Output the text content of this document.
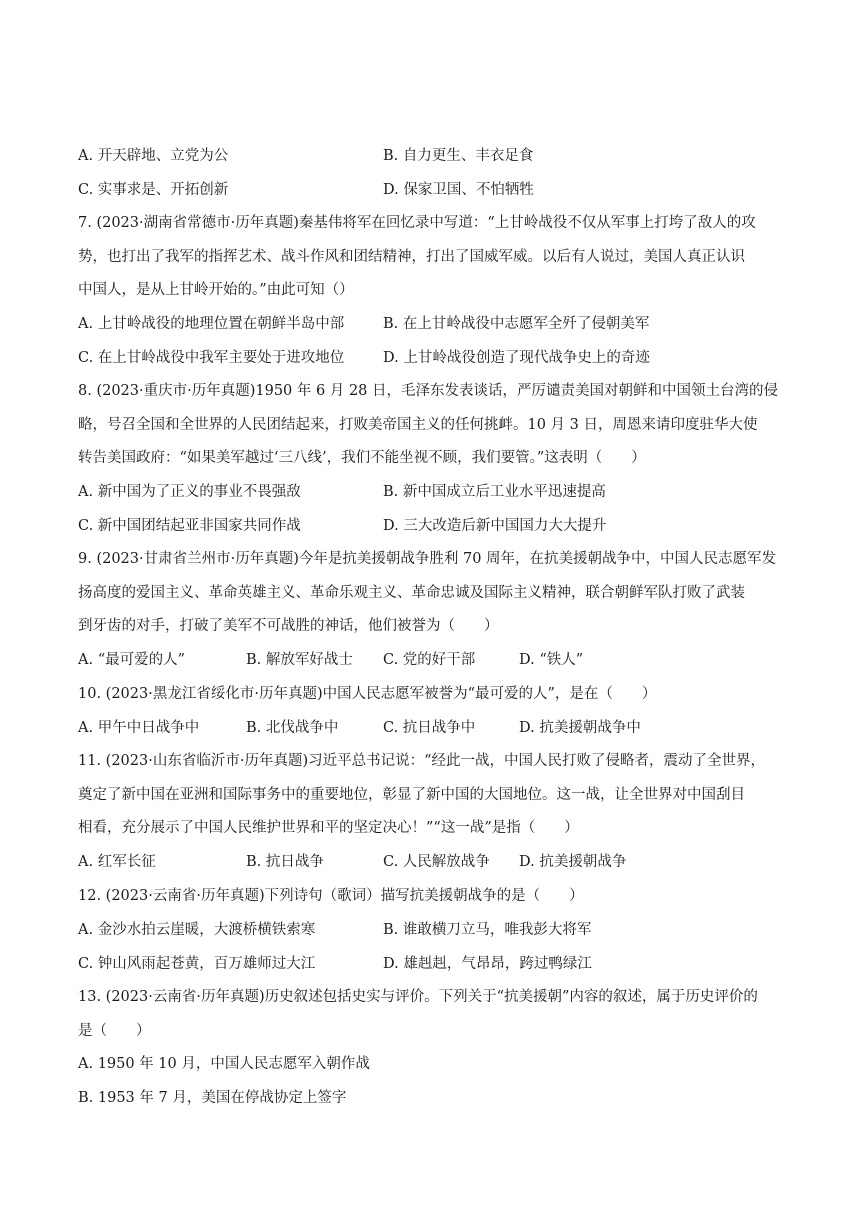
A. 开天辟地、立党为公	B. 自力更生、丰衣足食
C. 实事求是、开拓创新	D. 保家卫国、不怕牺牲
7. (2023·湖南省常德市·历年真题)秦基伟将军在回忆录中写道：“上甘岭战役不仅从军事上打垮了敌人的攻
势，也打出了我军的指挥艺术、战斗作风和团结精神，打出了国威军威。以后有人说过，美国人真正认识
中国人，是从上甘岭开始的。”由此可知（）
A. 上甘岭战役的地理位置在朝鲜半岛中部	B. 在上甘岭战役中志愿军全歼了侵朝美军
C. 在上甘岭战役中我军主要处于进攻地位	D. 上甘岭战役创造了现代战争史上的奇迹
8. (2023·重庆市·历年真题)1950 年 6 月 28 日，毛泽东发表谈话，严厉谴责美国对朝鲜和中国领土台湾的侵
略，号召全国和全世界的人民团结起来，打败美帝国主义的任何挑衅。10 月 3 日，周恩来请印度驻华大使
转告美国政府：“如果美军越过‘三八线’，我们不能坐视不顾，我们要管。”这表明（　　）
A. 新中国为了正义的事业不畏强敌	B. 新中国成立后工业水平迅速提高
C. 新中国团结起亚非国家共同作战	D. 三大改造后新中国国力大大提升
9. (2023·甘肃省兰州市·历年真题)今年是抗美援朝战争胜利 70 周年，在抗美援朝战争中，中国人民志愿军发
扬高度的爱国主义、革命英雄主义、革命乐观主义、革命忠诚及国际主义精神，联合朝鲜军队打败了武装
到牙齿的对手，打破了美军不可战胜的神话，他们被誉为（　　）
A. “最可爱的人”	B. 解放军好战士 C. 党的好干部	D. “铁人”
10. (2023·黑龙江省绥化市·历年真题)中国人民志愿军被誉为“最可爱的人”，是在（　　）
A. 甲午中日战争中	B. 北伐战争中	C. 抗日战争中	D. 抗美援朝战争中
11. (2023·山东省临沂市·历年真题)习近平总书记说：“经此一战，中国人民打败了侵略者，震动了全世界，
奠定了新中国在亚洲和国际事务中的重要地位，彰显了新中国的大国地位。这一战，让全世界对中国刮目
相看，充分展示了中国人民维护世界和平的坚定决心！”“这一战”是指（　　）
A. 红军长征	B. 抗日战争	C. 人民解放战争 D. 抗美援朝战争
12. (2023·云南省·历年真题)下列诗句（歌词）描写抗美援朝战争的是（　　）
A. 金沙水拍云崖暖，大渡桥横铁索寒	B. 谁敢横刀立马，唯我彭大将军
C. 钟山风雨起苍黄，百万雄师过大江	D. 雄赳赳，气昂昂，跨过鸭绿江
13. (2023·云南省·历年真题)历史叙述包括史实与评价。下列关于“抗美援朝”内容的叙述，属于历史评价的
是（　　）
A. 1950 年 10 月，中国人民志愿军入朝作战
B. 1953 年 7 月，美国在停战协定上签字
